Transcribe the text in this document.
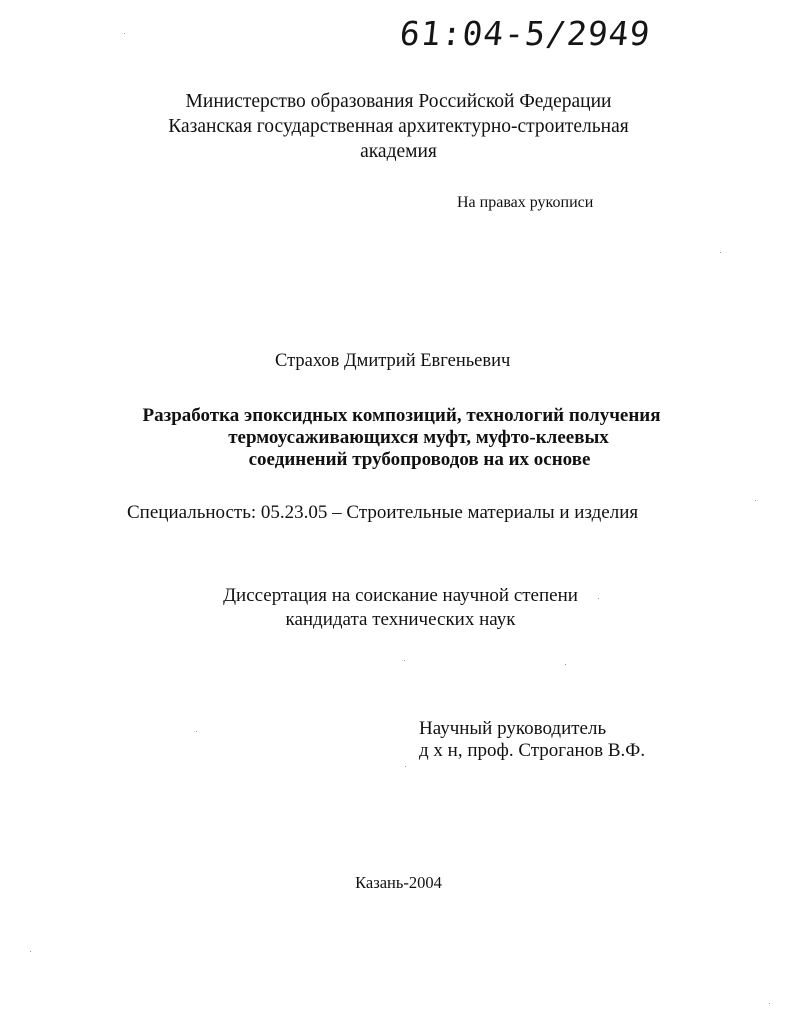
61:04-5/2949
Министерство образования Российской Федерации
Казанская государственная архитектурно-строительная
академия
На правах рукописи
Страхов Дмитрий Евгеньевич
Разработка эпоксидных композиций, технологий получения
термоусаживающихся муфт, муфто-клеевых
соединений трубопроводов на их основе
Специальность: 05.23.05 – Строительные материалы и изделия
Диссертация на соискание научной степени
кандидата технических наук
Научный руководитель
д х н, проф. Строганов В.Ф.
Казань-2004
